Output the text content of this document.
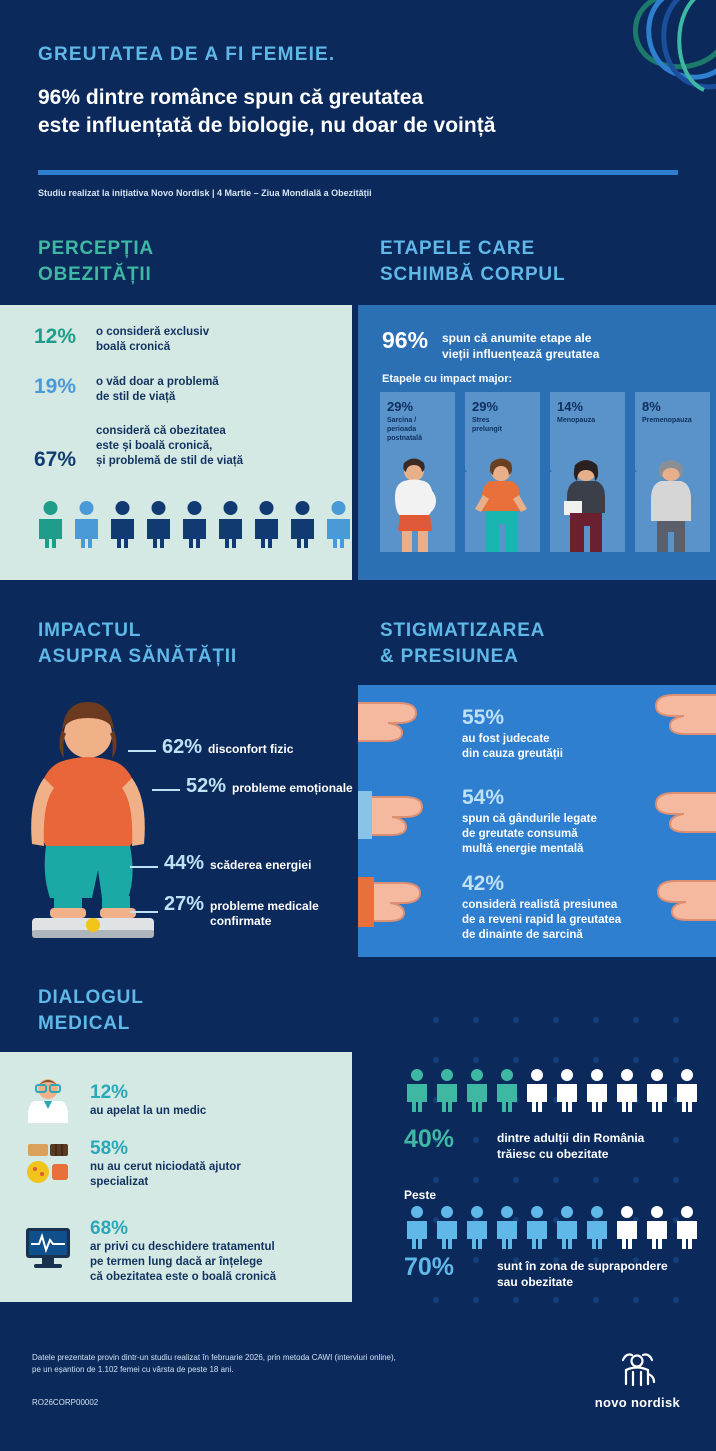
GREUTATEA DE A FI FEMEIE.
96% dintre românce spun că greutatea
este influențată de biologie, nu doar de voință
Studiu realizat la inițiativa Novo Nordisk | 4 Martie – Ziua Mondială a Obezității
PERCEPȚIA
OBEZITĂȚII
ETAPELE CARE
SCHIMBĂ CORPUL
12%	o consideră exclusiv
boală cronică
19%	o văd doar a problemă
de stil de viață
67%
consideră că obezitatea
este și boală cronică,
și problemă de stil de viață
96% spun că anumite etape ale
vieții influențează greutatea
Etapele cu impact major:
29%
Sarcina /
perioada
postnatală
29%
Stres
prelungit
14%
Menopauza
8%
Premenopauza
IMPACTUL
ASUPRA SĂNĂTĂȚII
STIGMATIZAREA
& PRESIUNEA
62% disconfort fizic
52% probleme emoționale
44% scăderea energiei
27% probleme medicale
confirmate
55%
au fost judecate
din cauza greutății
54%
spun că gândurile legate
de greutate consumă
multă energie mentală
42%
consideră realistă presiunea
de a reveni rapid la greutatea
de dinainte de sarcină
DIALOGUL
MEDICAL
12%
au apelat la un medic
58%
nu au cerut niciodată ajutor
specializat
68%
ar privi cu deschidere tratamentul
pe termen lung dacă ar înțelege
că obezitatea este o boală cronică
40%	dintre adulții din România
trăiesc cu obezitate
Peste
70%	sunt în zona de supraponderе
sau obezitate
Datele prezentate provin dintr-un studiu realizat în februarie 2026, prin metoda CAWI (interviuri online),
pe un eșantion de 1.102 femei cu vârsta de peste 18 ani.
RO26CORP00002	novo nordisk
